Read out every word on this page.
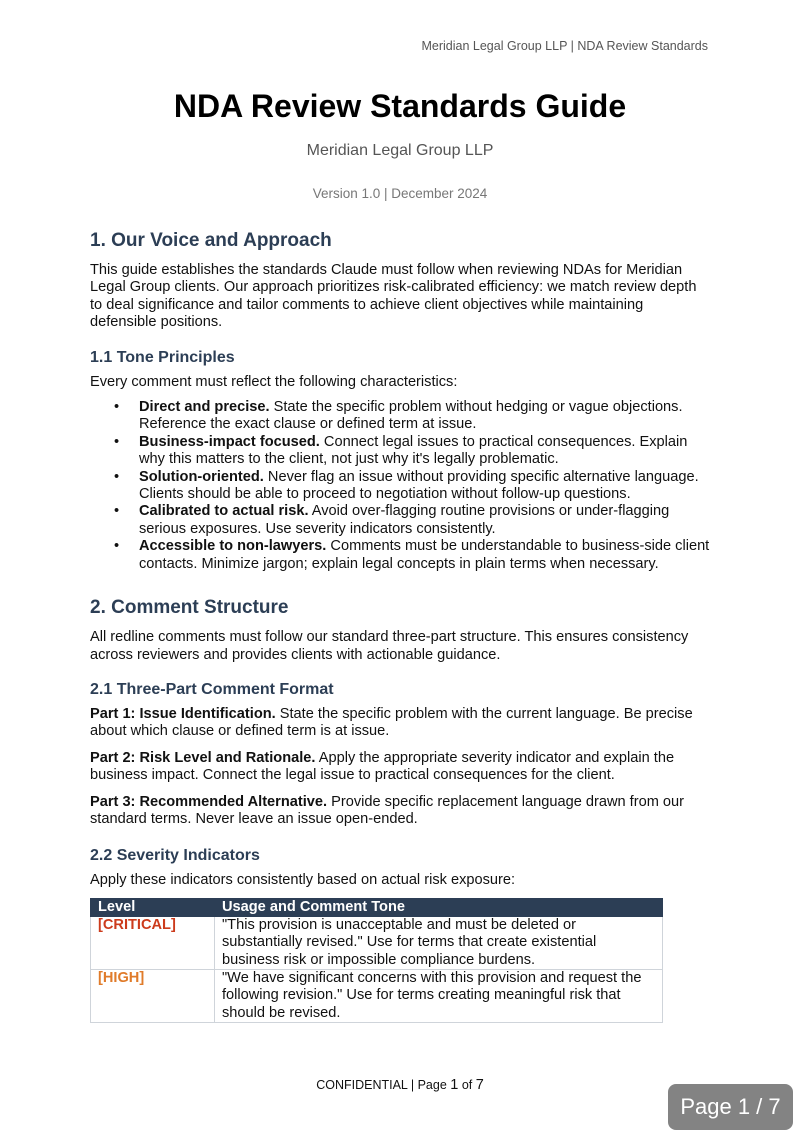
Meridian Legal Group LLP | NDA Review Standards
NDA Review Standards Guide
Meridian Legal Group LLP
Version 1.0 | December 2024
1. Our Voice and Approach

This guide establishes the standards Claude must follow when reviewing NDAs for Meridian Legal Group clients. Our approach prioritizes risk-calibrated efficiency: we match review depth to deal significance and tailor comments to achieve client objectives while maintaining defensible positions.

1.1 Tone Principles

Every comment must reflect the following characteristics:

• Direct and precise. State the specific problem without hedging or vague objections. Reference the exact clause or defined term at issue.
• Business-impact focused. Connect legal issues to practical consequences. Explain why this matters to the client, not just why it's legally problematic.
• Solution-oriented. Never flag an issue without providing specific alternative language. Clients should be able to proceed to negotiation without follow-up questions.
• Calibrated to actual risk. Avoid over-flagging routine provisions or under-flagging serious exposures. Use severity indicators consistently.
• Accessible to non-lawyers. Comments must be understandable to business-side client contacts. Minimize jargon; explain legal concepts in plain terms when necessary.
2. Comment Structure

All redline comments must follow our standard three-part structure. This ensures consistency across reviewers and provides clients with actionable guidance.

2.1 Three-Part Comment Format

Part 1: Issue Identification. State the specific problem with the current language. Be precise about which clause or defined term is at issue.

Part 2: Risk Level and Rationale. Apply the appropriate severity indicator and explain the business impact. Connect the legal issue to practical consequences for the client.

Part 3: Recommended Alternative. Provide specific replacement language drawn from our standard terms. Never leave an issue open-ended.

2.2 Severity Indicators

Apply these indicators consistently based on actual risk exposure:

Level	Usage and Comment Tone
[CRITICAL]	"This provision is unacceptable and must be deleted or substantially revised." Use for terms that create existential business risk or impossible compliance burdens.
[HIGH]	"We have significant concerns with this provision and request the following revision." Use for terms creating meaningful risk that should be revised.
CONFIDENTIAL | Page 1 of 7
Page 1 / 7
